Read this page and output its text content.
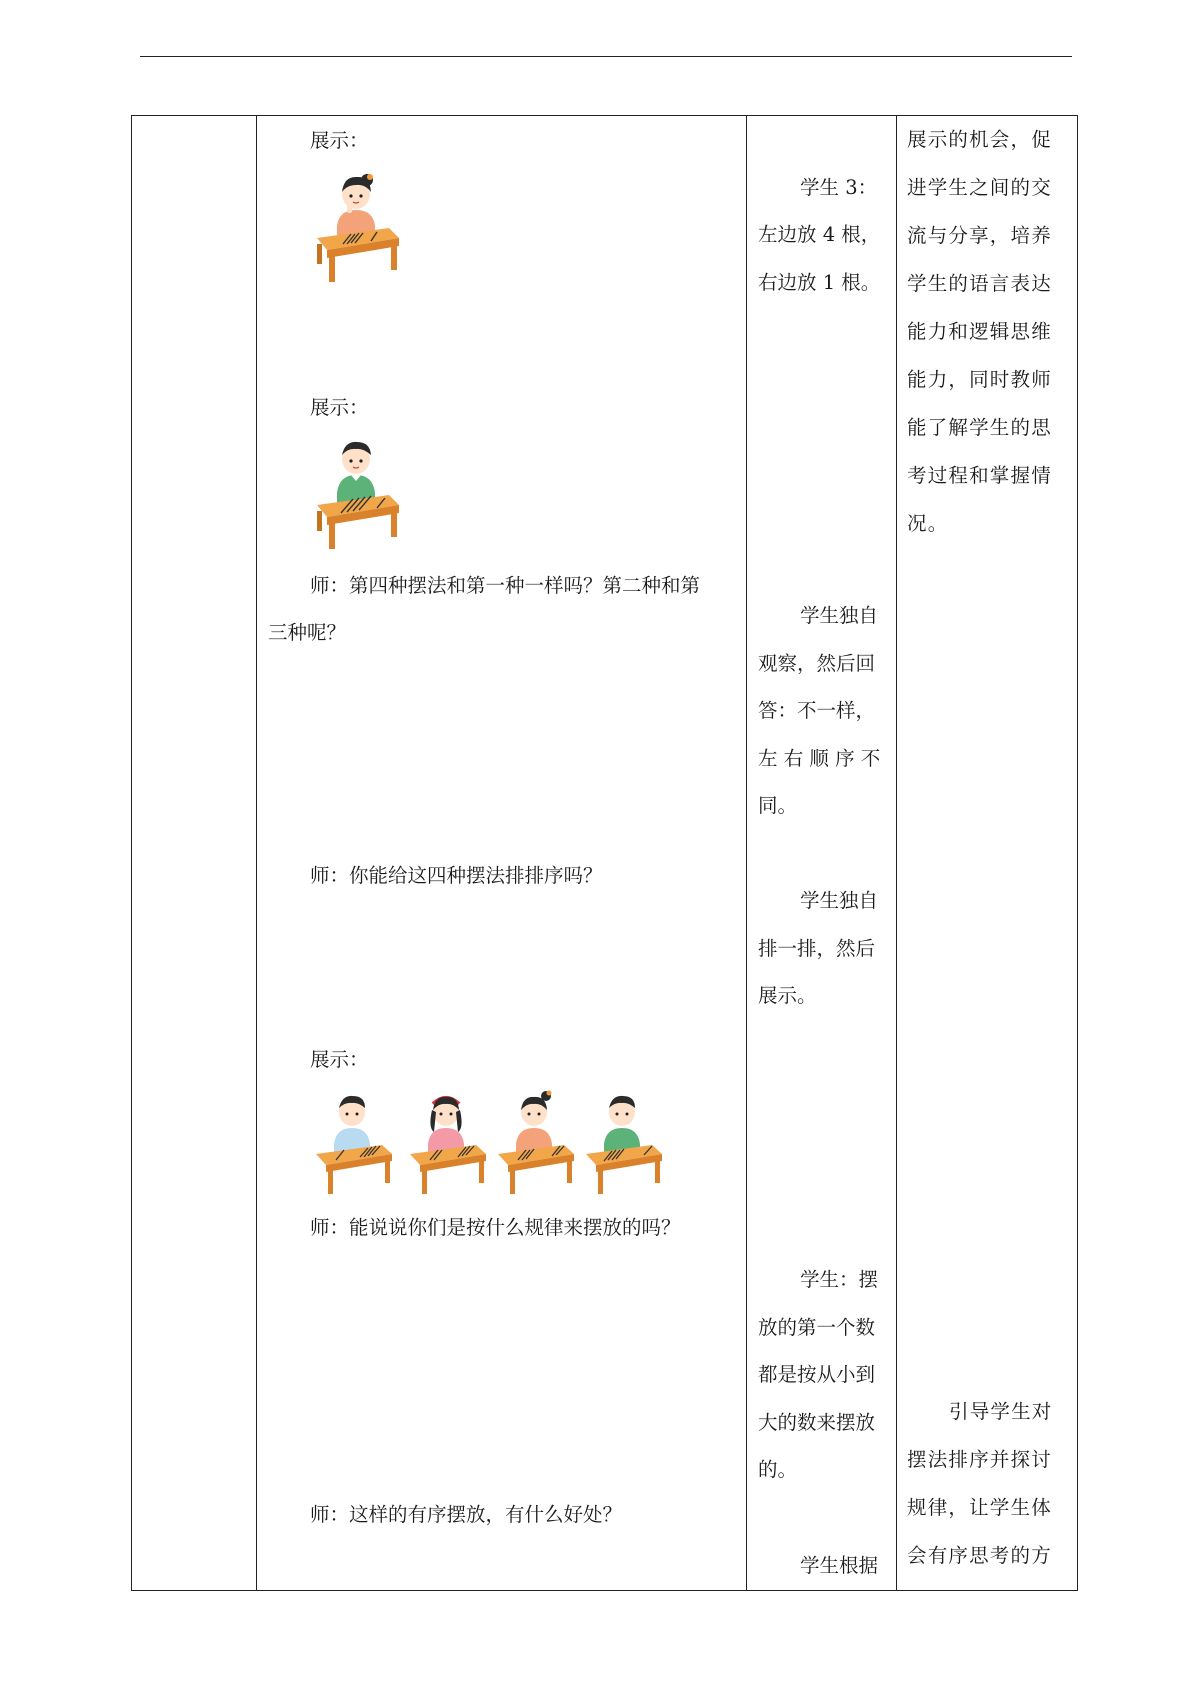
展示：
展示：
师：第四种摆法和第一种一样吗？第二种和第
三种呢？
师：你能给这四种摆法排排序吗？
展示：
师：能说说你们是按什么规律来摆放的吗？
师：这样的有序摆放，有什么好处？
学生 3：
左边放 4 根，
右边放 1 根。
学生独自
观察，然后回
答：不一样，
左 右 顺 序 不
同。
学生独自
排一排，然后
展示。
学生：摆
放的第一个数
都是按从小到
大的数来摆放
的。
学生根据
展示的机会，促
进学生之间的交
流与分享，培养
学生的语言表达
能力和逻辑思维
能力，同时教师
能了解学生的思
考过程和掌握情
况。
引导学生对
摆法排序并探讨
规律，让学生体
会有序思考的方
